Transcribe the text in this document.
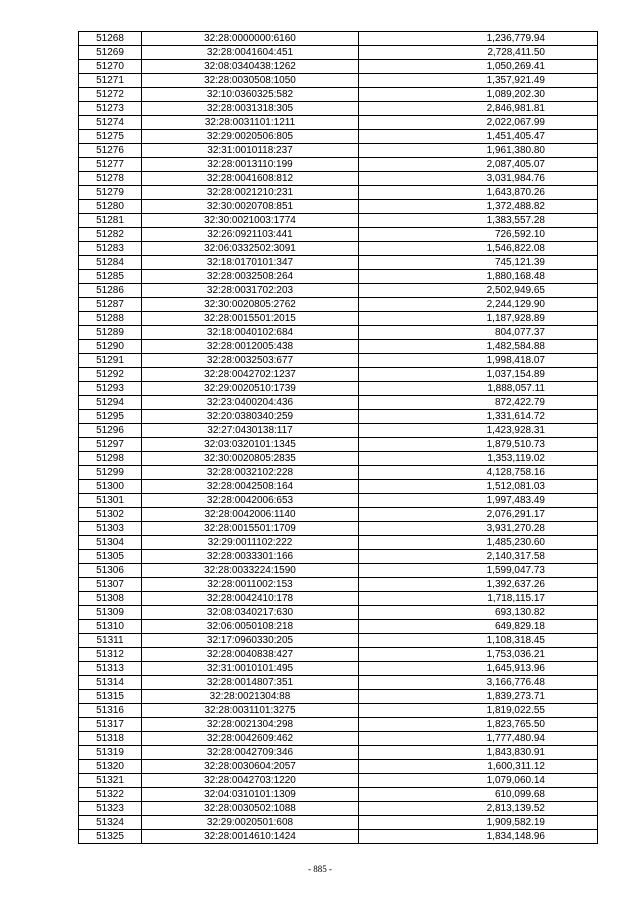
51268	32:28:0000000:6160	1,236,779.94
51269	32:28:0041604:451	2,728,411.50
51270	32:08:0340438:1262	1,050,269.41
51271	32:28:0030508:1050	1,357,921.49
51272	32:10:0360325:582	1,089,202.30
51273	32:28:0031318:305	2,846,981.81
51274	32:28:0031101:1211	2,022,067.99
51275	32:29:0020506:805	1,451,405.47
51276	32:31:0010118:237	1,961,380.80
51277	32:28:0013110:199	2,087,405.07
51278	32:28:0041608:812	3,031,984.76
51279	32:28:0021210:231	1,643,870.26
51280	32:30:0020708:851	1,372,488.82
51281	32:30:0021003:1774	1,383,557.28
51282	32:26:0921103:441	726,592.10
51283	32:06:0332502:3091	1,546,822.08
51284	32:18:0170101:347	745,121.39
51285	32:28:0032508:264	1,880,168.48
51286	32:28:0031702:203	2,502,949.65
51287	32:30:0020805:2762	2,244,129.90
51288	32:28:0015501:2015	1,187,928.89
51289	32:18:0040102:684	804,077.37
51290	32:28:0012005:438	1,482,584.88
51291	32:28:0032503:677	1,998,418.07
51292	32:28:0042702:1237	1,037,154.89
51293	32:29:0020510:1739	1,888,057.11
51294	32:23:0400204:436	872,422.79
51295	32:20:0380340:259	1,331,614.72
51296	32:27:0430138:117	1,423,928.31
51297	32:03:0320101:1345	1,879,510.73
51298	32:30:0020805:2835	1,353,119.02
51299	32:28:0032102:228	4,128,758.16
51300	32:28:0042508:164	1,512,081.03
51301	32:28:0042006:653	1,997,483.49
51302	32:28:0042006:1140	2,076,291.17
51303	32:28:0015501:1709	3,931,270.28
51304	32:29:0011102:222	1,485,230.60
51305	32:28:0033301:166	2,140,317.58
51306	32:28:0033224:1590	1,599,047.73
51307	32:28:0011002:153	1,392,637.26
51308	32:28:0042410:178	1,718,115.17
51309	32:08:0340217:630	693,130.82
51310	32:06:0050108:218	649,829.18
51311	32:17:0960330:205	1,108,318.45
51312	32:28:0040838:427	1,753,036.21
51313	32:31:0010101:495	1,645,913.96
51314	32:28:0014807:351	3,166,776.48
51315	32:28:0021304:88	1,839,273.71
51316	32:28:0031101:3275	1,819,022.55
51317	32:28:0021304:298	1,823,765.50
51318	32:28:0042609:462	1,777,480.94
51319	32:28:0042709:346	1,843,830.91
51320	32:28:0030604:2057	1,600,311.12
51321	32:28:0042703:1220	1,079,060.14
51322	32:04:0310101:1309	610,099.68
51323	32:28:0030502:1088	2,813,139.52
51324	32:29:0020501:608	1,909,582.19
51325	32:28:0014610:1424	1,834,148.96
- 885 -
